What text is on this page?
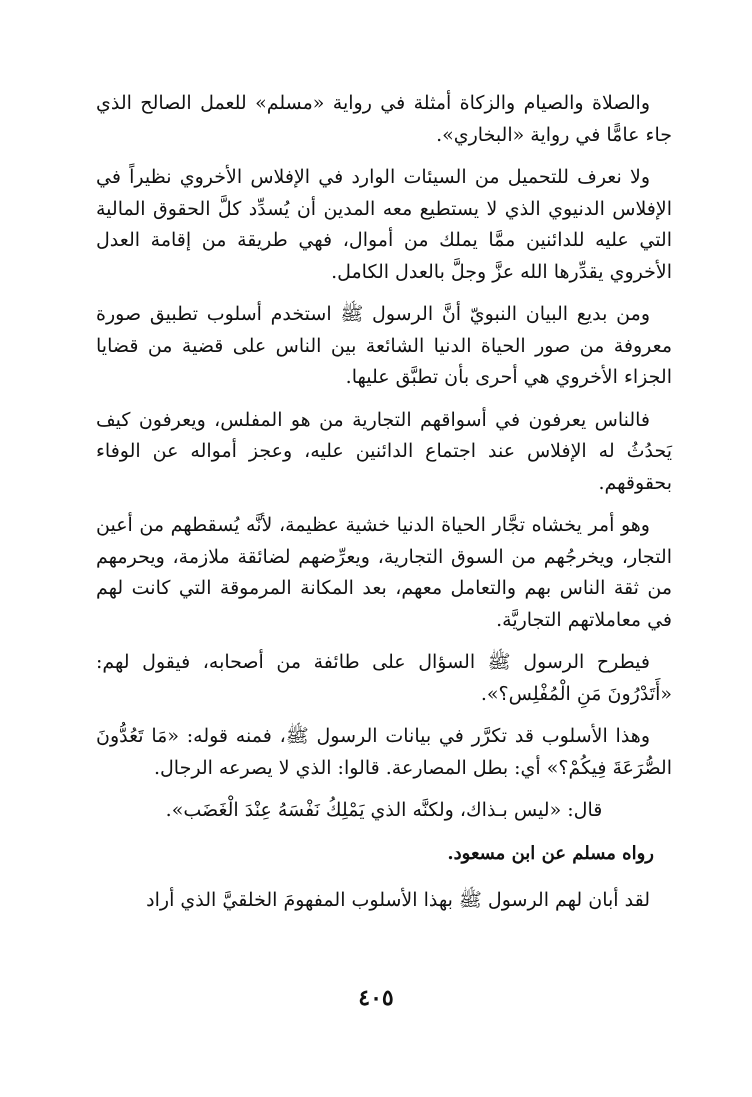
والصلاة والصيام والزكاة أمثلة في رواية «مسلم» للعمل الصالح الذي جاء عامًّا في رواية «البخاري».

ولا نعرف للتحميل من السيئات الوارد في الإفلاس الأخروي نظيراً في الإفلاس الدنيوي الذي لا يستطيع معه المدين أن يُسدِّد كلَّ الحقوق المالية التي عليه للدائنين ممَّا يملك من أموال، فهي طريقة من إقامة العدل الأخروي يقدِّرها الله عزَّ وجلَّ بالعدل الكامل.

ومن بديع البيان النبويّ أنَّ الرسول ﷺ استخدم أسلوب تطبيق صورة معروفة من صور الحياة الدنيا الشائعة بين الناس على قضية من قضايا الجزاء الأخروي هي أحرى بأن تطبَّق عليها.

فالناس يعرفون في أسواقهم التجارية من هو المفلس، ويعرفون كيف يَحدُثُ له الإفلاس عند اجتماع الدائنين عليه، وعجز أمواله عن الوفاء بحقوقهم.

وهو أمر يخشاه تجَّار الحياة الدنيا خشية عظيمة، لأنَّه يُسقطهم من أعين التجار، ويخرجُهم من السوق التجارية، ويعرِّضهم لضائقة ملازمة، ويحرمهم من ثقة الناس بهم والتعامل معهم، بعد المكانة المرموقة التي كانت لهم في معاملاتهم التجاريَّة.

فيطرح الرسول ﷺ السؤال على طائفة من أصحابه، فيقول لهم: «أَتَدْرُونَ مَنِ الْمُفْلِس؟».

وهذا الأسلوب قد تكرَّر في بيانات الرسول ﷺ، فمنه قوله: «مَا تَعُدُّونَ الصُّرَعَةَ فِيكُمْ؟» أي: بطل المصارعة. قالوا: الذي لا يصرعه الرجال.

قال: «ليس بـذاك، ولكنَّه الذي يَمْلِكُ نَفْسَهُ عِنْدَ الْغَضَب».

رواه مسلم عن ابن مسعود.

لقد أبان لهم الرسول ﷺ بهذا الأسلوب المفهومَ الخلقيَّ الذي أراد

٤٠٥
